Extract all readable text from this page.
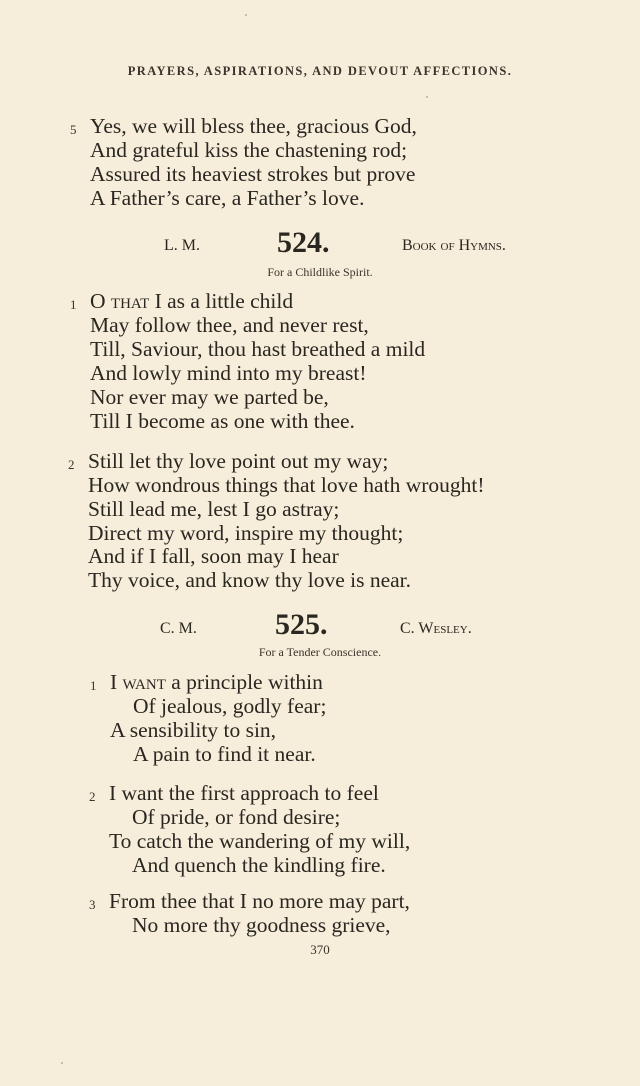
PRAYERS, ASPIRATIONS, AND DEVOUT AFFECTIONS.
5 Yes, we will bless thee, gracious God,
And grateful kiss the chastening rod;
Assured its heaviest strokes but prove
A Father’s care, a Father’s love.
L. M.	524.	Book of Hymns.
For a Childlike Spirit.
1 O that I as a little child
May follow thee, and never rest,
Till, Saviour, thou hast breathed a mild
And lowly mind into my breast!
Nor ever may we parted be,
Till I become as one with thee.
2 Still let thy love point out my way;
How wondrous things that love hath wrought!
Still lead me, lest I go astray;
Direct my word, inspire my thought;
And if I fall, soon may I hear
Thy voice, and know thy love is near.
C. M.	525.	C. Wesley.
For a Tender Conscience.
1 I want a principle within
Of jealous, godly fear;
A sensibility to sin,
A pain to find it near.
2 I want the first approach to feel
Of pride, or fond desire;
To catch the wandering of my will,
And quench the kindling fire.
3 From thee that I no more may part,
No more thy goodness grieve,
370
